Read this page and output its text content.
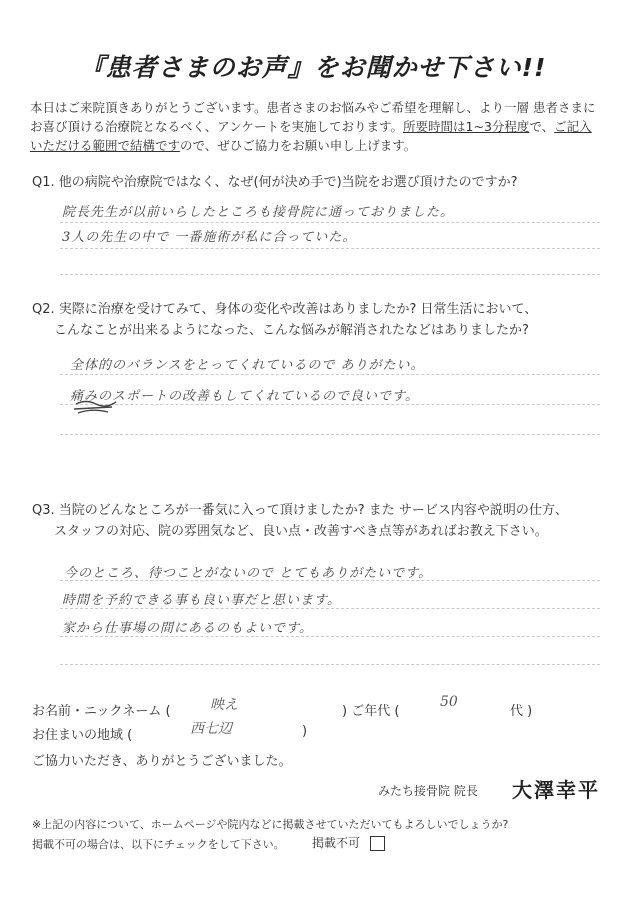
『患者さまのお声』をお聞かせ下さい!!
本日はご来院頂きありがとうございます。患者さまのお悩みやご希望を理解し、より一層 患者さまにお喜び頂ける治療院となるべく、アンケートを実施しております。所要時間は1~3分程度で、ご記入いただける範囲で結構ですので、ぜひご協力をお願い申し上げます。
Q1. 他の病院や治療院ではなく、なぜ(何が決め手で)当院をお選び頂けたのですか?
院長先生が以前いらしたところも接骨院に通っておりました。
3人の先生の中で 一番施術が私に合っていた。
Q2. 実際に治療を受けてみて、身体の変化や改善はありましたか? 日常生活において、
こんなことが出来るようになった、こんな悩みが解消されたなどはありましたか?
全体的のバランスをとってくれているので ありがたい。
痛みのスポートの改善もしてくれているので良いです。
Q3. 当院のどんなところが一番気に入って頂けましたか? また サービス内容や説明の仕方、
スタッフの対応、院の雰囲気など、良い点・改善すべき点等があればお教え下さい。
今のところ、待つことがないので とてもありがたいです。
時間を予約できる事も良い事だと思います。
家から仕事場の間にあるのもよいです。
お名前・ニックネーム (	映え	) ご年代 (
50
代 )
お住まいの地域 (	西七辺	)
ご協力いただき、ありがとうございました。
みたち接骨院 院長 大澤幸平
※上記の内容について、ホームページや院内などに掲載させていただいてもよろしいでしょうか?
掲載不可の場合は、以下にチェックをして下さい。 掲載不可
